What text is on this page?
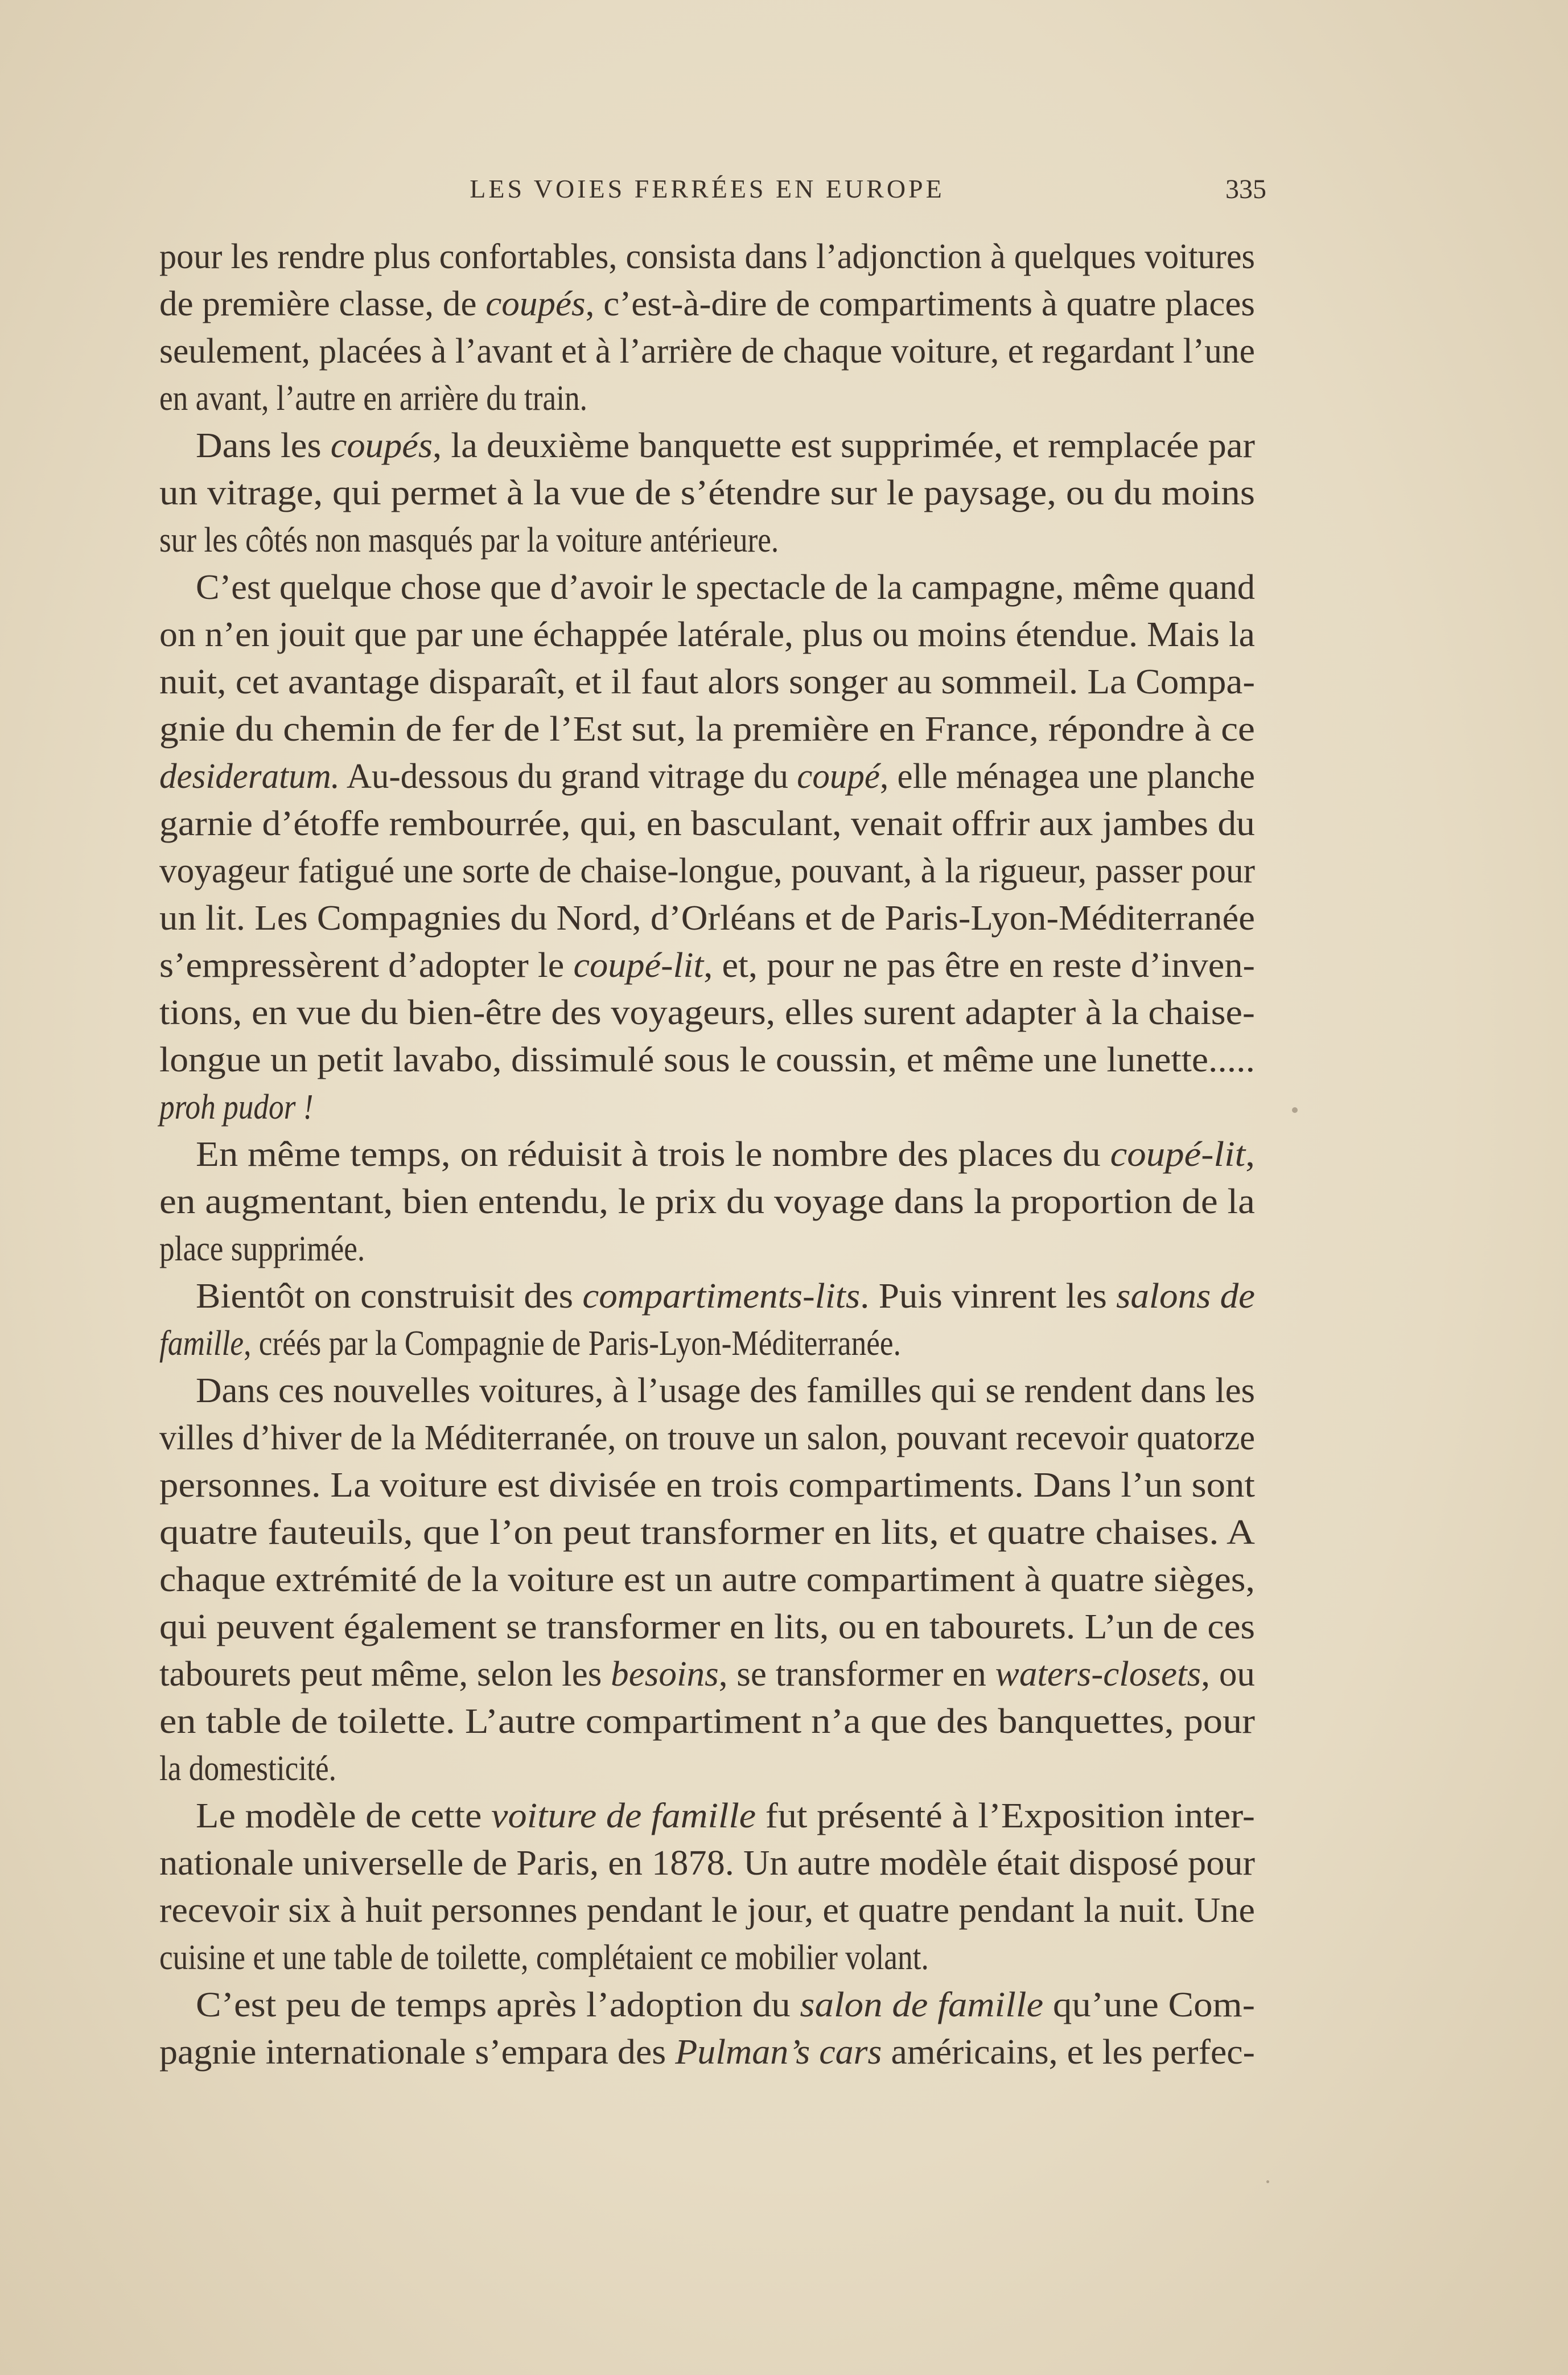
LES VOIES FERRÉES EN EUROPE	335
pour les rendre plus confortables, consista dans l’adjonction à quelques voitures
de première classe, de coupés, c’est-à-dire de compartiments à quatre places
seulement, placées à l’avant et à l’arrière de chaque voiture, et regardant l’une
en avant, l’autre en arrière du train.
Dans les coupés, la deuxième banquette est supprimée, et remplacée par
un vitrage, qui permet à la vue de s’étendre sur le paysage, ou du moins
sur les côtés non masqués par la voiture antérieure.
C’est quelque chose que d’avoir le spectacle de la campagne, même quand
on n’en jouit que par une échappée latérale, plus ou moins étendue. Mais la
nuit, cet avantage disparaît, et il faut alors songer au sommeil. La Compa-
gnie du chemin de fer de l’Est sut, la première en France, répondre à ce
desideratum. Au-dessous du grand vitrage du coupé, elle ménagea une planche
garnie d’étoffe rembourrée, qui, en basculant, venait offrir aux jambes du
voyageur fatigué une sorte de chaise-longue, pouvant, à la rigueur, passer pour
un lit. Les Compagnies du Nord, d’Orléans et de Paris-Lyon-Méditerranée
s’empressèrent d’adopter le coupé-lit, et, pour ne pas être en reste d’inven-
tions, en vue du bien-être des voyageurs, elles surent adapter à la chaise-
longue un petit lavabo, dissimulé sous le coussin, et même une lunette.....
proh pudor !
En même temps, on réduisit à trois le nombre des places du coupé-lit,
en augmentant, bien entendu, le prix du voyage dans la proportion de la
place supprimée.
Bientôt on construisit des compartiments-lits. Puis vinrent les salons de
famille, créés par la Compagnie de Paris-Lyon-Méditerranée.
Dans ces nouvelles voitures, à l’usage des familles qui se rendent dans les
villes d’hiver de la Méditerranée, on trouve un salon, pouvant recevoir quatorze
personnes. La voiture est divisée en trois compartiments. Dans l’un sont
quatre fauteuils, que l’on peut transformer en lits, et quatre chaises. A
chaque extrémité de la voiture est un autre compartiment à quatre sièges,
qui peuvent également se transformer en lits, ou en tabourets. L’un de ces
tabourets peut même, selon les besoins, se transformer en waters-closets, ou
en table de toilette. L’autre compartiment n’a que des banquettes, pour
la domesticité.
Le modèle de cette voiture de famille fut présenté à l’Exposition inter-
nationale universelle de Paris, en 1878. Un autre modèle était disposé pour
recevoir six à huit personnes pendant le jour, et quatre pendant la nuit. Une
cuisine et une table de toilette, complétaient ce mobilier volant.
C’est peu de temps après l’adoption du salon de famille qu’une Com-
pagnie internationale s’empara des Pulman’s cars américains, et les perfec-
